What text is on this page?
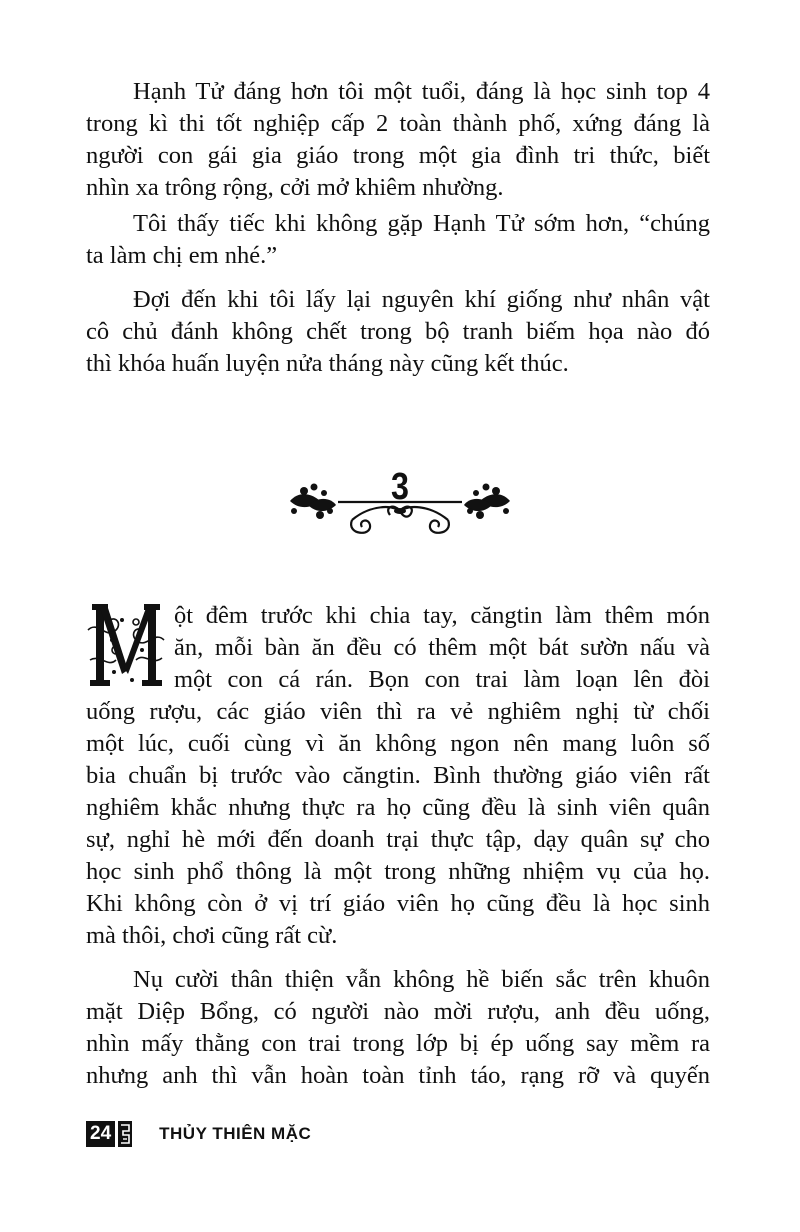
Hạnh Tử đáng hơn tôi một tuổi, đáng là học sinh top 4
trong kì thi tốt nghiệp cấp 2 toàn thành phố, xứng đáng là
người con gái gia giáo trong một gia đình tri thức, biết
nhìn xa trông rộng, cởi mở khiêm nhường.

Tôi thấy tiếc khi không gặp Hạnh Tử sớm hơn, “chúng
ta làm chị em nhé.”

Đợi đến khi tôi lấy lại nguyên khí giống như nhân vật
cô chủ đánh không chết trong bộ tranh biếm họa nào đó
thì khóa huấn luyện nửa tháng này cũng kết thúc.

3

ột đêm trước khi chia tay, căngtin làm thêm món
ăn, mỗi bàn ăn đều có thêm một bát sườn nấu và
một con cá rán. Bọn con trai làm loạn lên đòi
uống rượu, các giáo viên thì ra vẻ nghiêm nghị từ chối
một lúc, cuối cùng vì ăn không ngon nên mang luôn số
bia chuẩn bị trước vào căngtin. Bình thường giáo viên rất
nghiêm khắc nhưng thực ra họ cũng đều là sinh viên quân
sự, nghỉ hè mới đến doanh trại thực tập, dạy quân sự cho
học sinh phổ thông là một trong những nhiệm vụ của họ.
Khi không còn ở vị trí giáo viên họ cũng đều là học sinh
mà thôi, chơi cũng rất cừ.

Nụ cười thân thiện vẫn không hề biến sắc trên khuôn
mặt Diệp Bổng, có người nào mời rượu, anh đều uống,
nhìn mấy thằng con trai trong lớp bị ép uống say mềm ra
nhưng anh thì vẫn hoàn toàn tỉnh táo, rạng rỡ và quyến

24	THỦY THIÊN MẶC
